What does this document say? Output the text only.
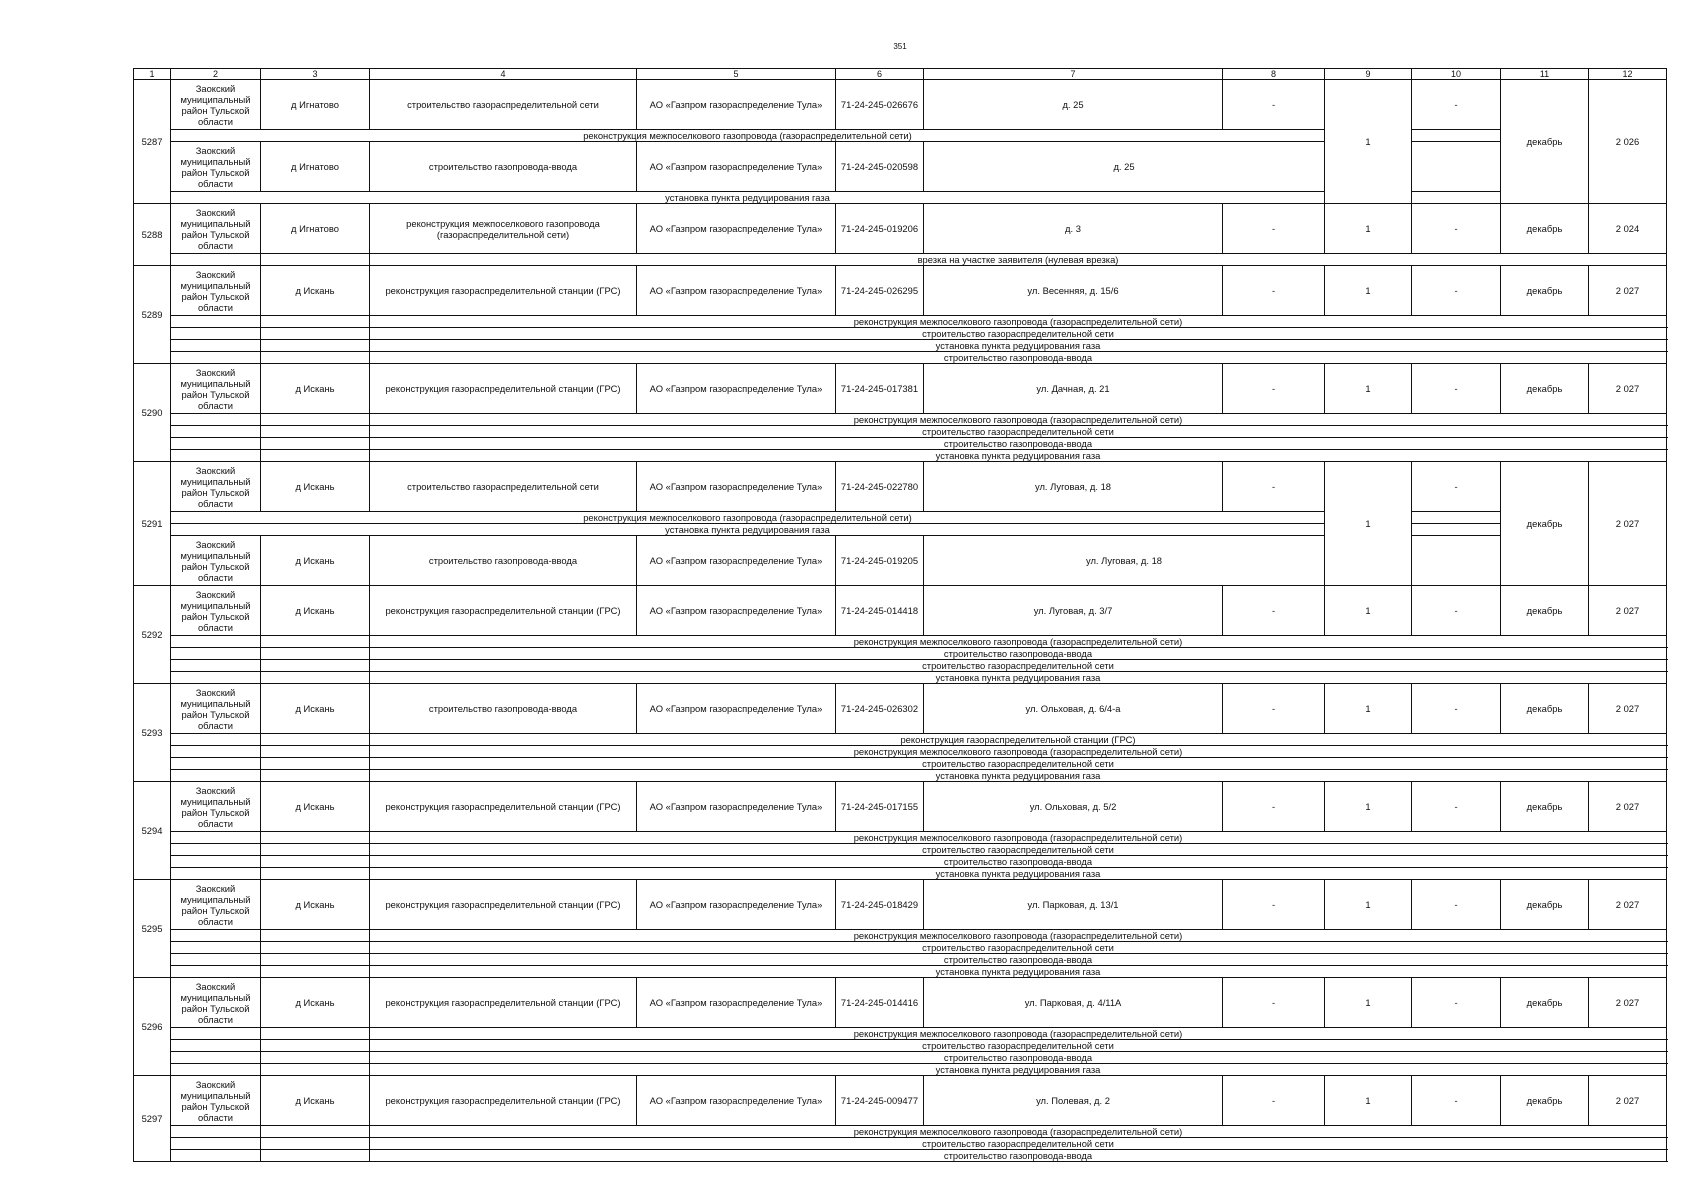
351
1	2	3	4	5	6	7	8	9	10	11	12
5287	Заокский муниципальный район Тульской области	д Игнатово	строительство газораспределительной сети	АО «Газпром газораспределение Тула»	71-24-245-026676	д. 25	-	1	-	декабрь	2 026
	реконструкция межпоселкового газопровода (газораспределительной сети)										
	Заокский муниципальный район Тульской области	д Игнатово	строительство газопровода-ввода	АО «Газпром газораспределение Тула»	71-24-245-020598	д. 25					
	установка пункта редуцирования газа										
5288	Заокский муниципальный район Тульской области	д Игнатово	реконструкция межпоселкового газопровода (газораспределительной сети)	АО «Газпром газораспределение Тула»	71-24-245-019206	д. 3	-	1	-	декабрь	2 024
			врезка на участке заявителя (нулевая врезка)								
5289	Заокский муниципальный район Тульской области	д Искань	реконструкция газораспределительной станции (ГРС)	АО «Газпром газораспределение Тула»	71-24-245-026295	ул. Весенняя, д. 15/6	-	1	-	декабрь	2 027
			реконструкция межпоселкового газопровода (газораспределительной сети)								
			строительство газораспределительной сети								
			установка пункта редуцирования газа								
			строительство газопровода-ввода								
5290	Заокский муниципальный район Тульской области	д Искань	реконструкция газораспределительной станции (ГРС)	АО «Газпром газораспределение Тула»	71-24-245-017381	ул. Дачная, д. 21	-	1	-	декабрь	2 027
			реконструкция межпоселкового газопровода (газораспределительной сети)								
			строительство газораспределительной сети								
			строительство газопровода-ввода								
			установка пункта редуцирования газа								
5291	Заокский муниципальный район Тульской области	д Искань	строительство газораспределительной сети	АО «Газпром газораспределение Тула»	71-24-245-022780	ул. Луговая, д. 18	-	1	-	декабрь	2 027
	реконструкция межпоселкового газопровода (газораспределительной сети)										
	установка пункта редуцирования газа										
	Заокский муниципальный район Тульской области	д Искань	строительство газопровода-ввода	АО «Газпром газораспределение Тула»	71-24-245-019205	ул. Луговая, д. 18					
5292	Заокский муниципальный район Тульской области	д Искань	реконструкция газораспределительной станции (ГРС)	АО «Газпром газораспределение Тула»	71-24-245-014418	ул. Луговая, д. 3/7	-	1	-	декабрь	2 027
			реконструкция межпоселкового газопровода (газораспределительной сети)								
			строительство газопровода-ввода								
			строительство газораспределительной сети								
			установка пункта редуцирования газа								
5293	Заокский муниципальный район Тульской области	д Искань	строительство газопровода-ввода	АО «Газпром газораспределение Тула»	71-24-245-026302	ул. Ольховая, д. 6/4-а	-	1	-	декабрь	2 027
			реконструкция газораспределительной станции (ГРС)								
			реконструкция межпоселкового газопровода (газораспределительной сети)								
			строительство газораспределительной сети								
			установка пункта редуцирования газа								
5294	Заокский муниципальный район Тульской области	д Искань	реконструкция газораспределительной станции (ГРС)	АО «Газпром газораспределение Тула»	71-24-245-017155	ул. Ольховая, д. 5/2	-	1	-	декабрь	2 027
			реконструкция межпоселкового газопровода (газораспределительной сети)								
			строительство газораспределительной сети								
			строительство газопровода-ввода								
			установка пункта редуцирования газа								
5295	Заокский муниципальный район Тульской области	д Искань	реконструкция газораспределительной станции (ГРС)	АО «Газпром газораспределение Тула»	71-24-245-018429	ул. Парковая, д. 13/1	-	1	-	декабрь	2 027
			реконструкция межпоселкового газопровода (газораспределительной сети)								
			строительство газораспределительной сети								
			строительство газопровода-ввода								
			установка пункта редуцирования газа								
5296	Заокский муниципальный район Тульской области	д Искань	реконструкция газораспределительной станции (ГРС)	АО «Газпром газораспределение Тула»	71-24-245-014416	ул. Парковая, д. 4/11А	-	1	-	декабрь	2 027
			реконструкция межпоселкового газопровода (газораспределительной сети)								
			строительство газораспределительной сети								
			строительство газопровода-ввода								
			установка пункта редуцирования газа								
5297	Заокский муниципальный район Тульской области	д Искань	реконструкция газораспределительной станции (ГРС)	АО «Газпром газораспределение Тула»	71-24-245-009477	ул. Полевая, д. 2	-	1	-	декабрь	2 027
			реконструкция межпоселкового газопровода (газораспределительной сети)								
			строительство газораспределительной сети								
			строительство газопровода-ввода								
